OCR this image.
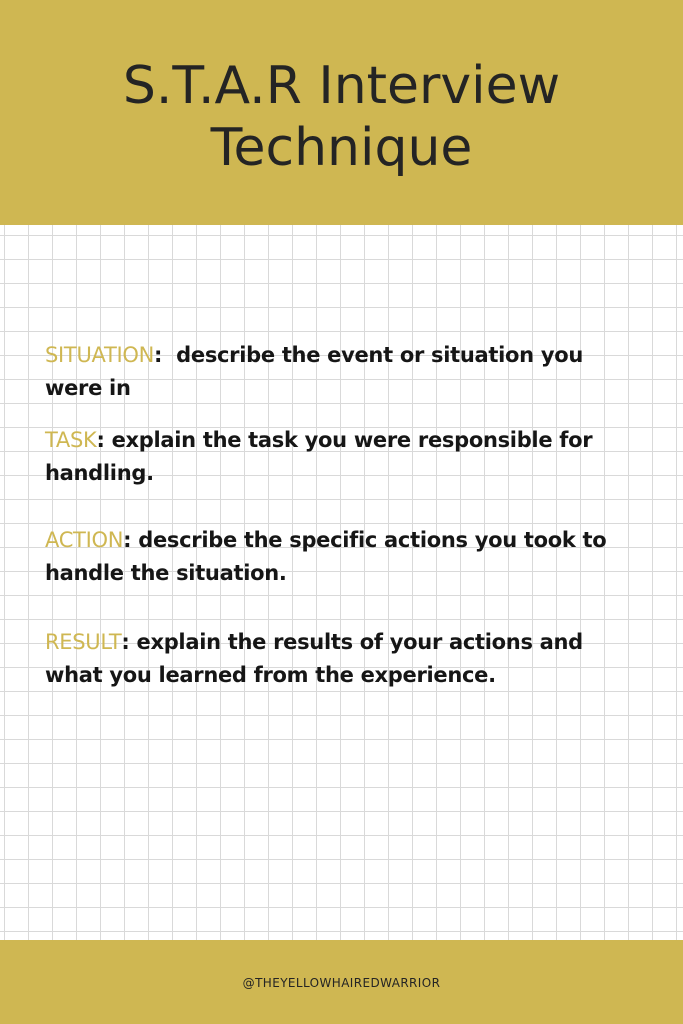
S.T.A.R Interview
Technique

SITUATION:  describe the event or situation you were in

TASK: explain the task you were responsible for handling.

ACTION: describe the specific actions you took to handle the situation.

RESULT: explain the results of your actions and what you learned from the experience.

@THEYELLOWHAIREDWARRIOR
